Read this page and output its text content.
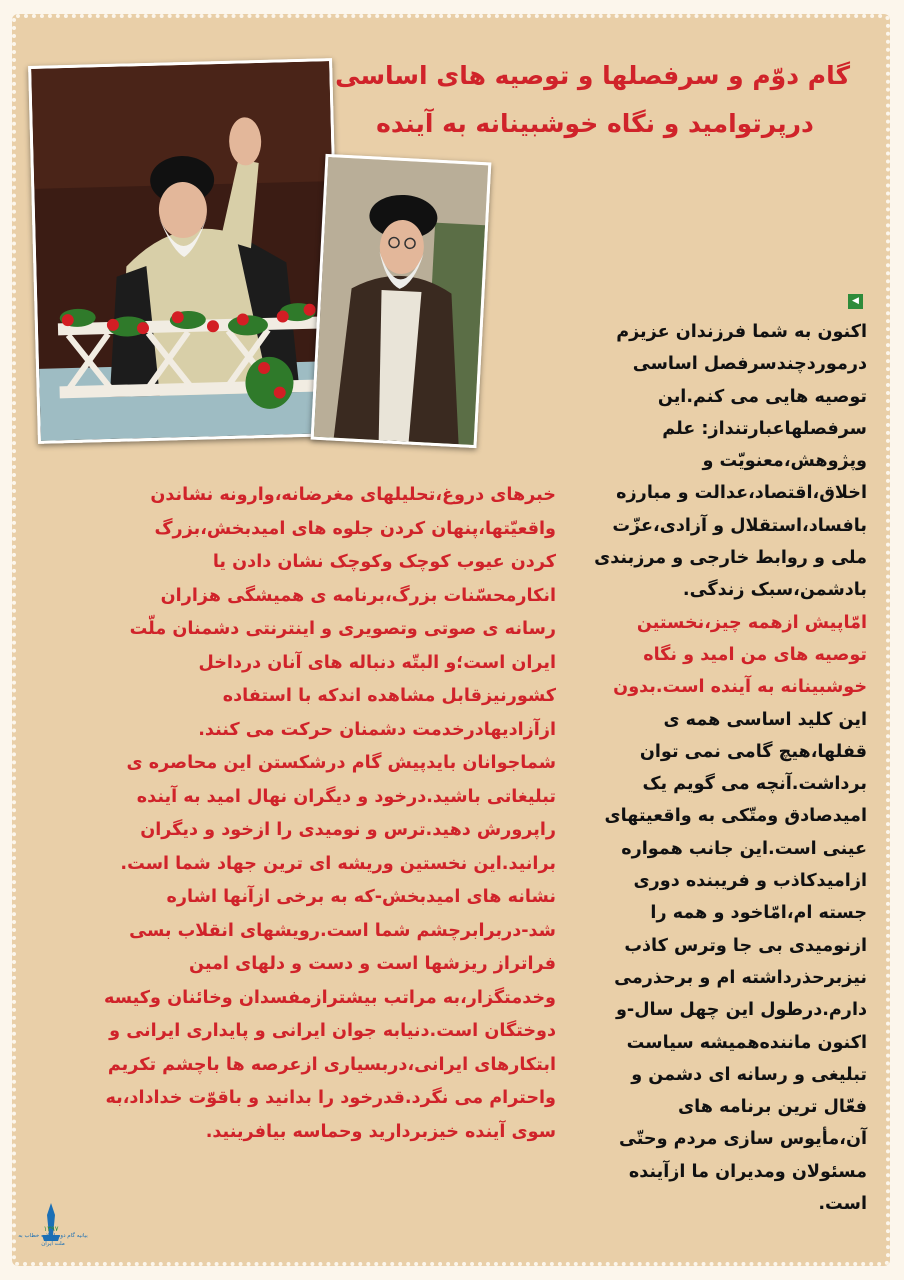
گام دوّم و سرفصلها و توصیه های اساسی
درپرتوامید و نگاه خوشبینانه به آینده
◀
اکنون به شما فرزندان عزیزم
درموردچندسرفصل اساسی
توصیه هایی می کنم.این
سرفصلهاعبارتنداز: علم
وپژوهش،معنویّت و
اخلاق،اقتصاد،عدالت و مبارزه
بافساد،استقلال و آزادی،عزّت
ملی و روابط خارجی و مرزبندی
بادشمن،سبک زندگی.
امّاپیش ازهمه چیز،نخستین
توصیه های من امید و نگاه
خوشبینانه به آینده است.بدون
این کلید اساسی همه ی
قفلها،هیچ گامی نمی توان
برداشت.آنچه می گویم یک
امیدصادق ومتّکی به واقعیتهای
عینی است.این جانب همواره
ازامیدکاذب و فریبنده دوری
جسته ام،امّاخود و همه را
ازنومیدی بی جا وترس کاذب
نیزبرحذرداشته ام و برحذرمی
دارم.درطول این چهل سال-و
اکنون ماننده‌همیشه سیاست
تبلیغی و رسانه ای دشمن و
فعّال ترین برنامه های
آن،مأیوس سازی مردم وحتّی
مسئولان ومدیران ما ازآینده
است.
خبرهای دروغ،تحلیلهای مغرضانه،وارونه نشاندن
واقعیّتها،پنهان کردن جلوه های امیدبخش،بزرگ
کردن عیوب کوچک وکوچک نشان دادن یا
انکارمحسّنات بزرگ،برنامه ی همیشگی هزاران
رسانه ی صوتی وتصویری و اینترنتی دشمنان ملّت
ایران است؛و البتّه دنباله های آنان درداخل
کشورنیزقابل مشاهده اندکه با استفاده
ازآزادیهادرخدمت دشمنان حرکت می کنند.
شماجوانان بایدپیش گام درشکستن این محاصره ی
تبلیغاتی باشید.درخود و دیگران نهال امید به آینده
راپرورش دهید.ترس و نومیدی را ازخود و دیگران
برانید.این نخستین وریشه ای ترین جهاد شما است.
نشانه های امیدبخش-که به برخی ازآنها اشاره
شد-دربرابرچشم شما است.رویشهای انقلاب بسی
فراتراز ریزشها است و دست و دلهای امین
وخدمتگزار،به مراتب بیشترازمفسدان وخائنان وکیسه
دوختگان است.دنیابه جوان ایرانی و پایداری ایرانی و
ابتکارهای ایرانی،دربسیاری ازعرصه ها باچشم تکریم
واحترام می نگرد.قدرخود را بدانید و باقوّت خداداد،به
سوی آینده خیزبردارید وحماسه بیافرینید.
۱۳۹۷
بیانیه گام دوم انقلاب خطاب به ملت ایران
